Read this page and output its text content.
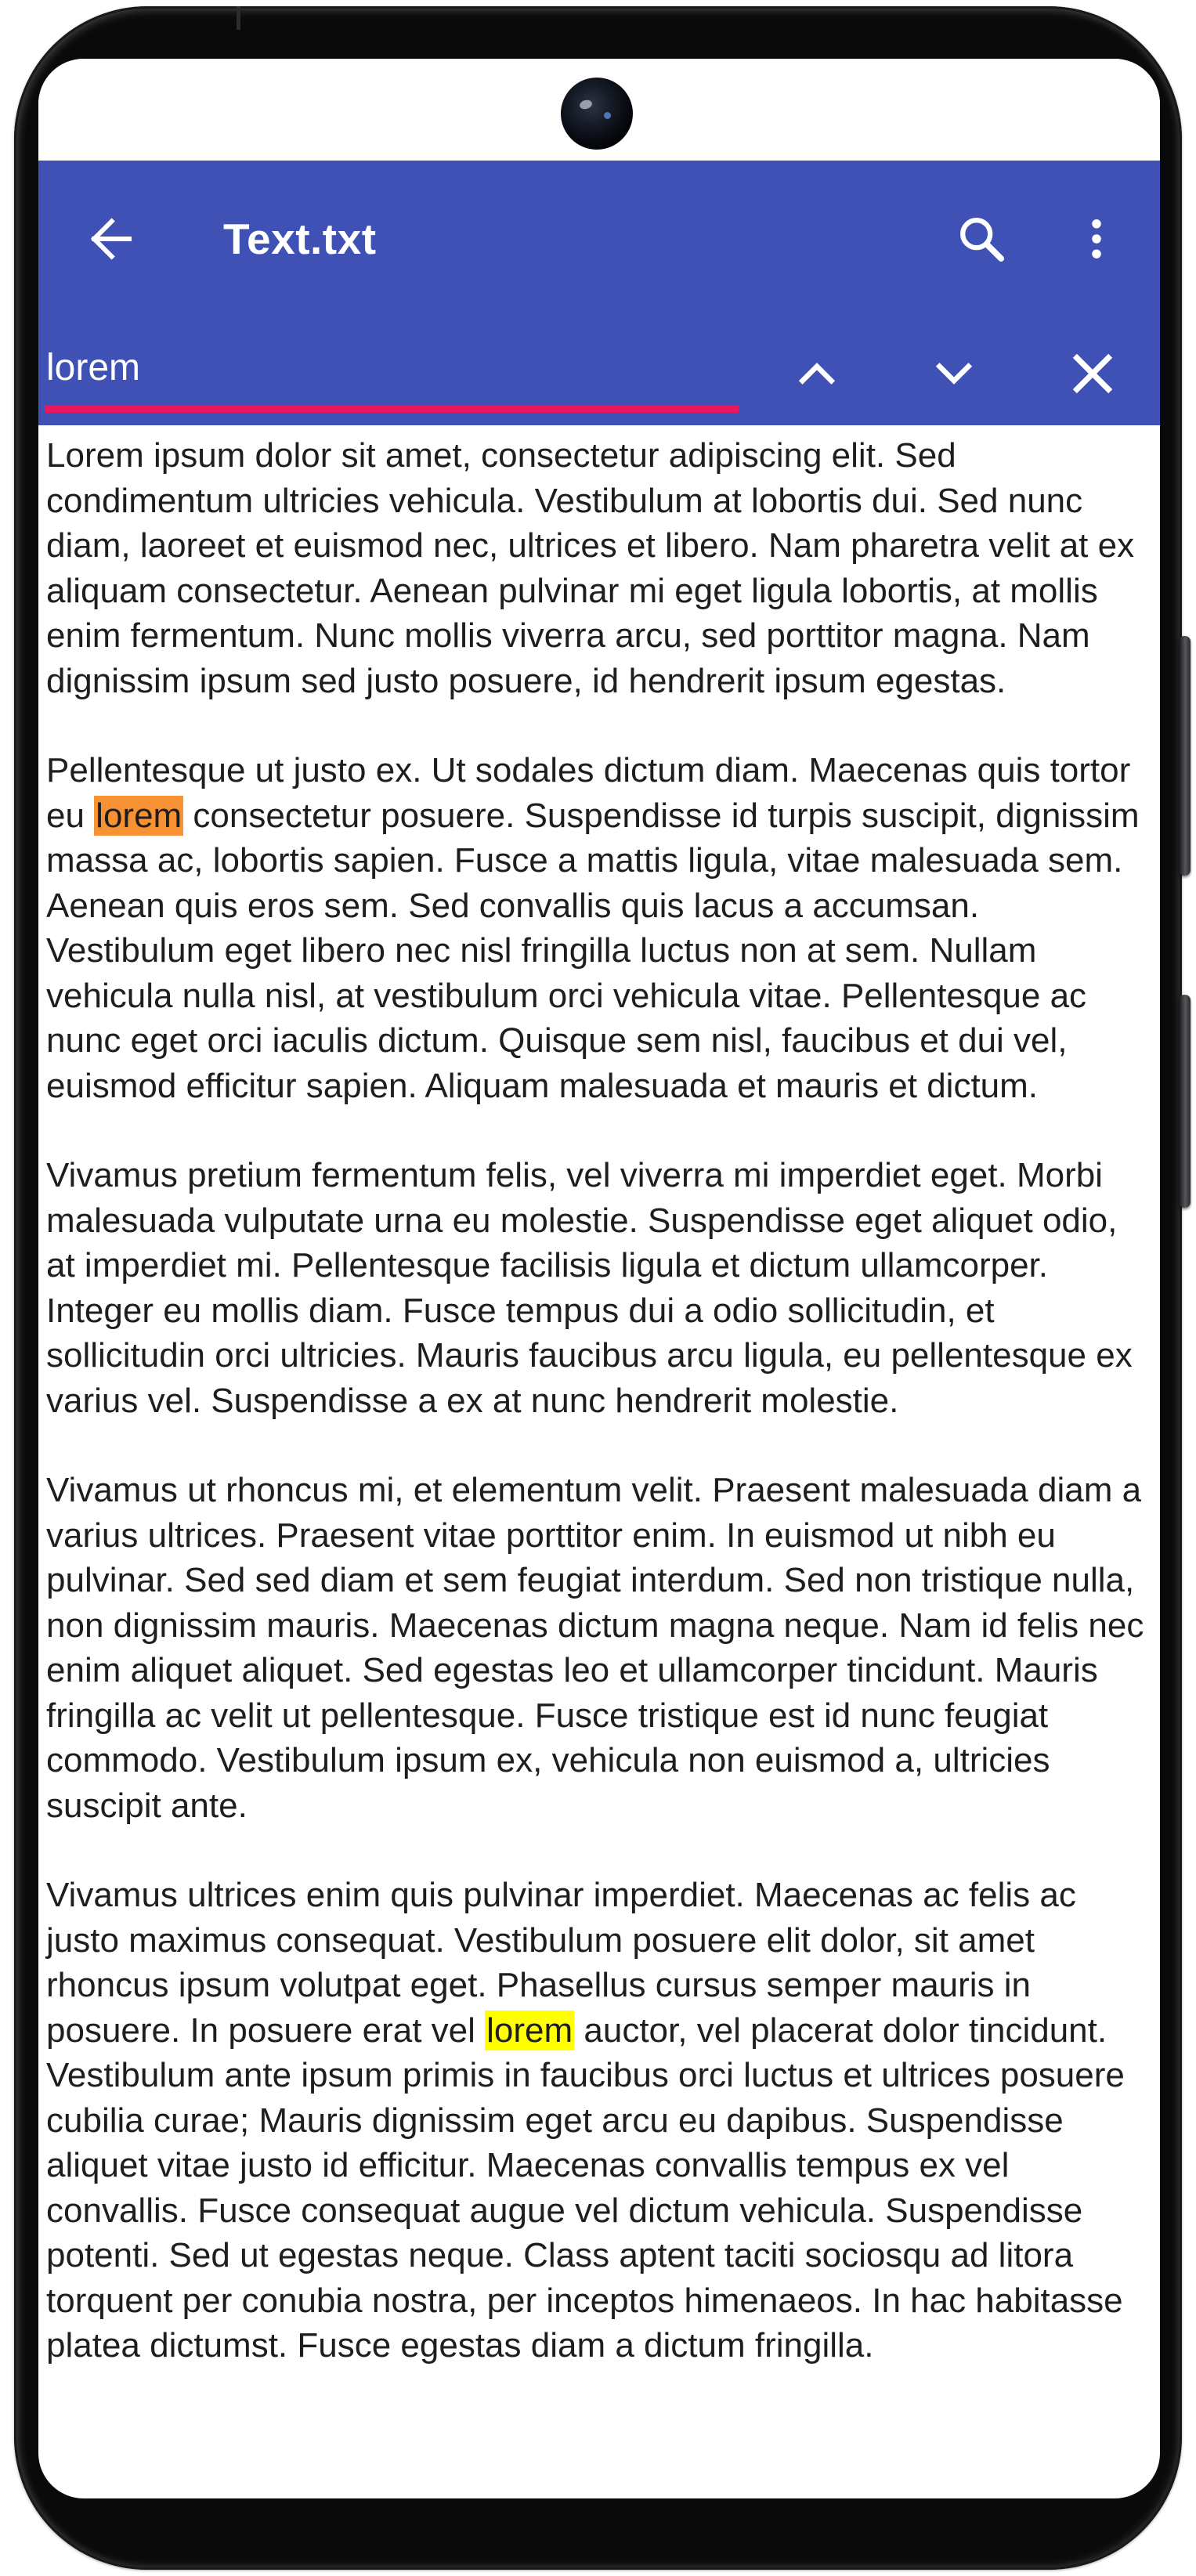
Text.txt
lorem

Lorem ipsum dolor sit amet, consectetur adipiscing elit. Sed condimentum ultricies vehicula. Vestibulum at lobortis dui. Sed nunc diam, laoreet et euismod nec, ultrices et libero. Nam pharetra velit at ex aliquam consectetur. Aenean pulvinar mi eget ligula lobortis, at mollis enim fermentum. Nunc mollis viverra arcu, sed porttitor magna. Nam dignissim ipsum sed justo posuere, id hendrerit ipsum egestas.

Pellentesque ut justo ex. Ut sodales dictum diam. Maecenas quis tortor eu lorem consectetur posuere. Suspendisse id turpis suscipit, dignissim massa ac, lobortis sapien. Fusce a mattis ligula, vitae malesuada sem. Aenean quis eros sem. Sed convallis quis lacus a accumsan. Vestibulum eget libero nec nisl fringilla luctus non at sem. Nullam vehicula nulla nisl, at vestibulum orci vehicula vitae. Pellentesque ac nunc eget orci iaculis dictum. Quisque sem nisl, faucibus et dui vel, euismod efficitur sapien. Aliquam malesuada et mauris et dictum.

Vivamus pretium fermentum felis, vel viverra mi imperdiet eget. Morbi malesuada vulputate urna eu molestie. Suspendisse eget aliquet odio, at imperdiet mi. Pellentesque facilisis ligula et dictum ullamcorper. Integer eu mollis diam. Fusce tempus dui a odio sollicitudin, et sollicitudin orci ultricies. Mauris faucibus arcu ligula, eu pellentesque ex varius vel. Suspendisse a ex at nunc hendrerit molestie.

Vivamus ut rhoncus mi, et elementum velit. Praesent malesuada diam a varius ultrices. Praesent vitae porttitor enim. In euismod ut nibh eu pulvinar. Sed sed diam et sem feugiat interdum. Sed non tristique nulla, non dignissim mauris. Maecenas dictum magna neque. Nam id felis nec enim aliquet aliquet. Sed egestas leo et ullamcorper tincidunt. Mauris fringilla ac velit ut pellentesque. Fusce tristique est id nunc feugiat commodo. Vestibulum ipsum ex, vehicula non euismod a, ultricies suscipit ante.

Vivamus ultrices enim quis pulvinar imperdiet. Maecenas ac felis ac justo maximus consequat. Vestibulum posuere elit dolor, sit amet rhoncus ipsum volutpat eget. Phasellus cursus semper mauris in posuere. In posuere erat vel lorem auctor, vel placerat dolor tincidunt. Vestibulum ante ipsum primis in faucibus orci luctus et ultrices posuere cubilia curae; Mauris dignissim eget arcu eu dapibus. Suspendisse aliquet vitae justo id efficitur. Maecenas convallis tempus ex vel convallis. Fusce consequat augue vel dictum vehicula. Suspendisse potenti. Sed ut egestas neque. Class aptent taciti sociosqu ad litora torquent per conubia nostra, per inceptos himenaeos. In hac habitasse platea dictumst. Fusce egestas diam a dictum fringilla.
